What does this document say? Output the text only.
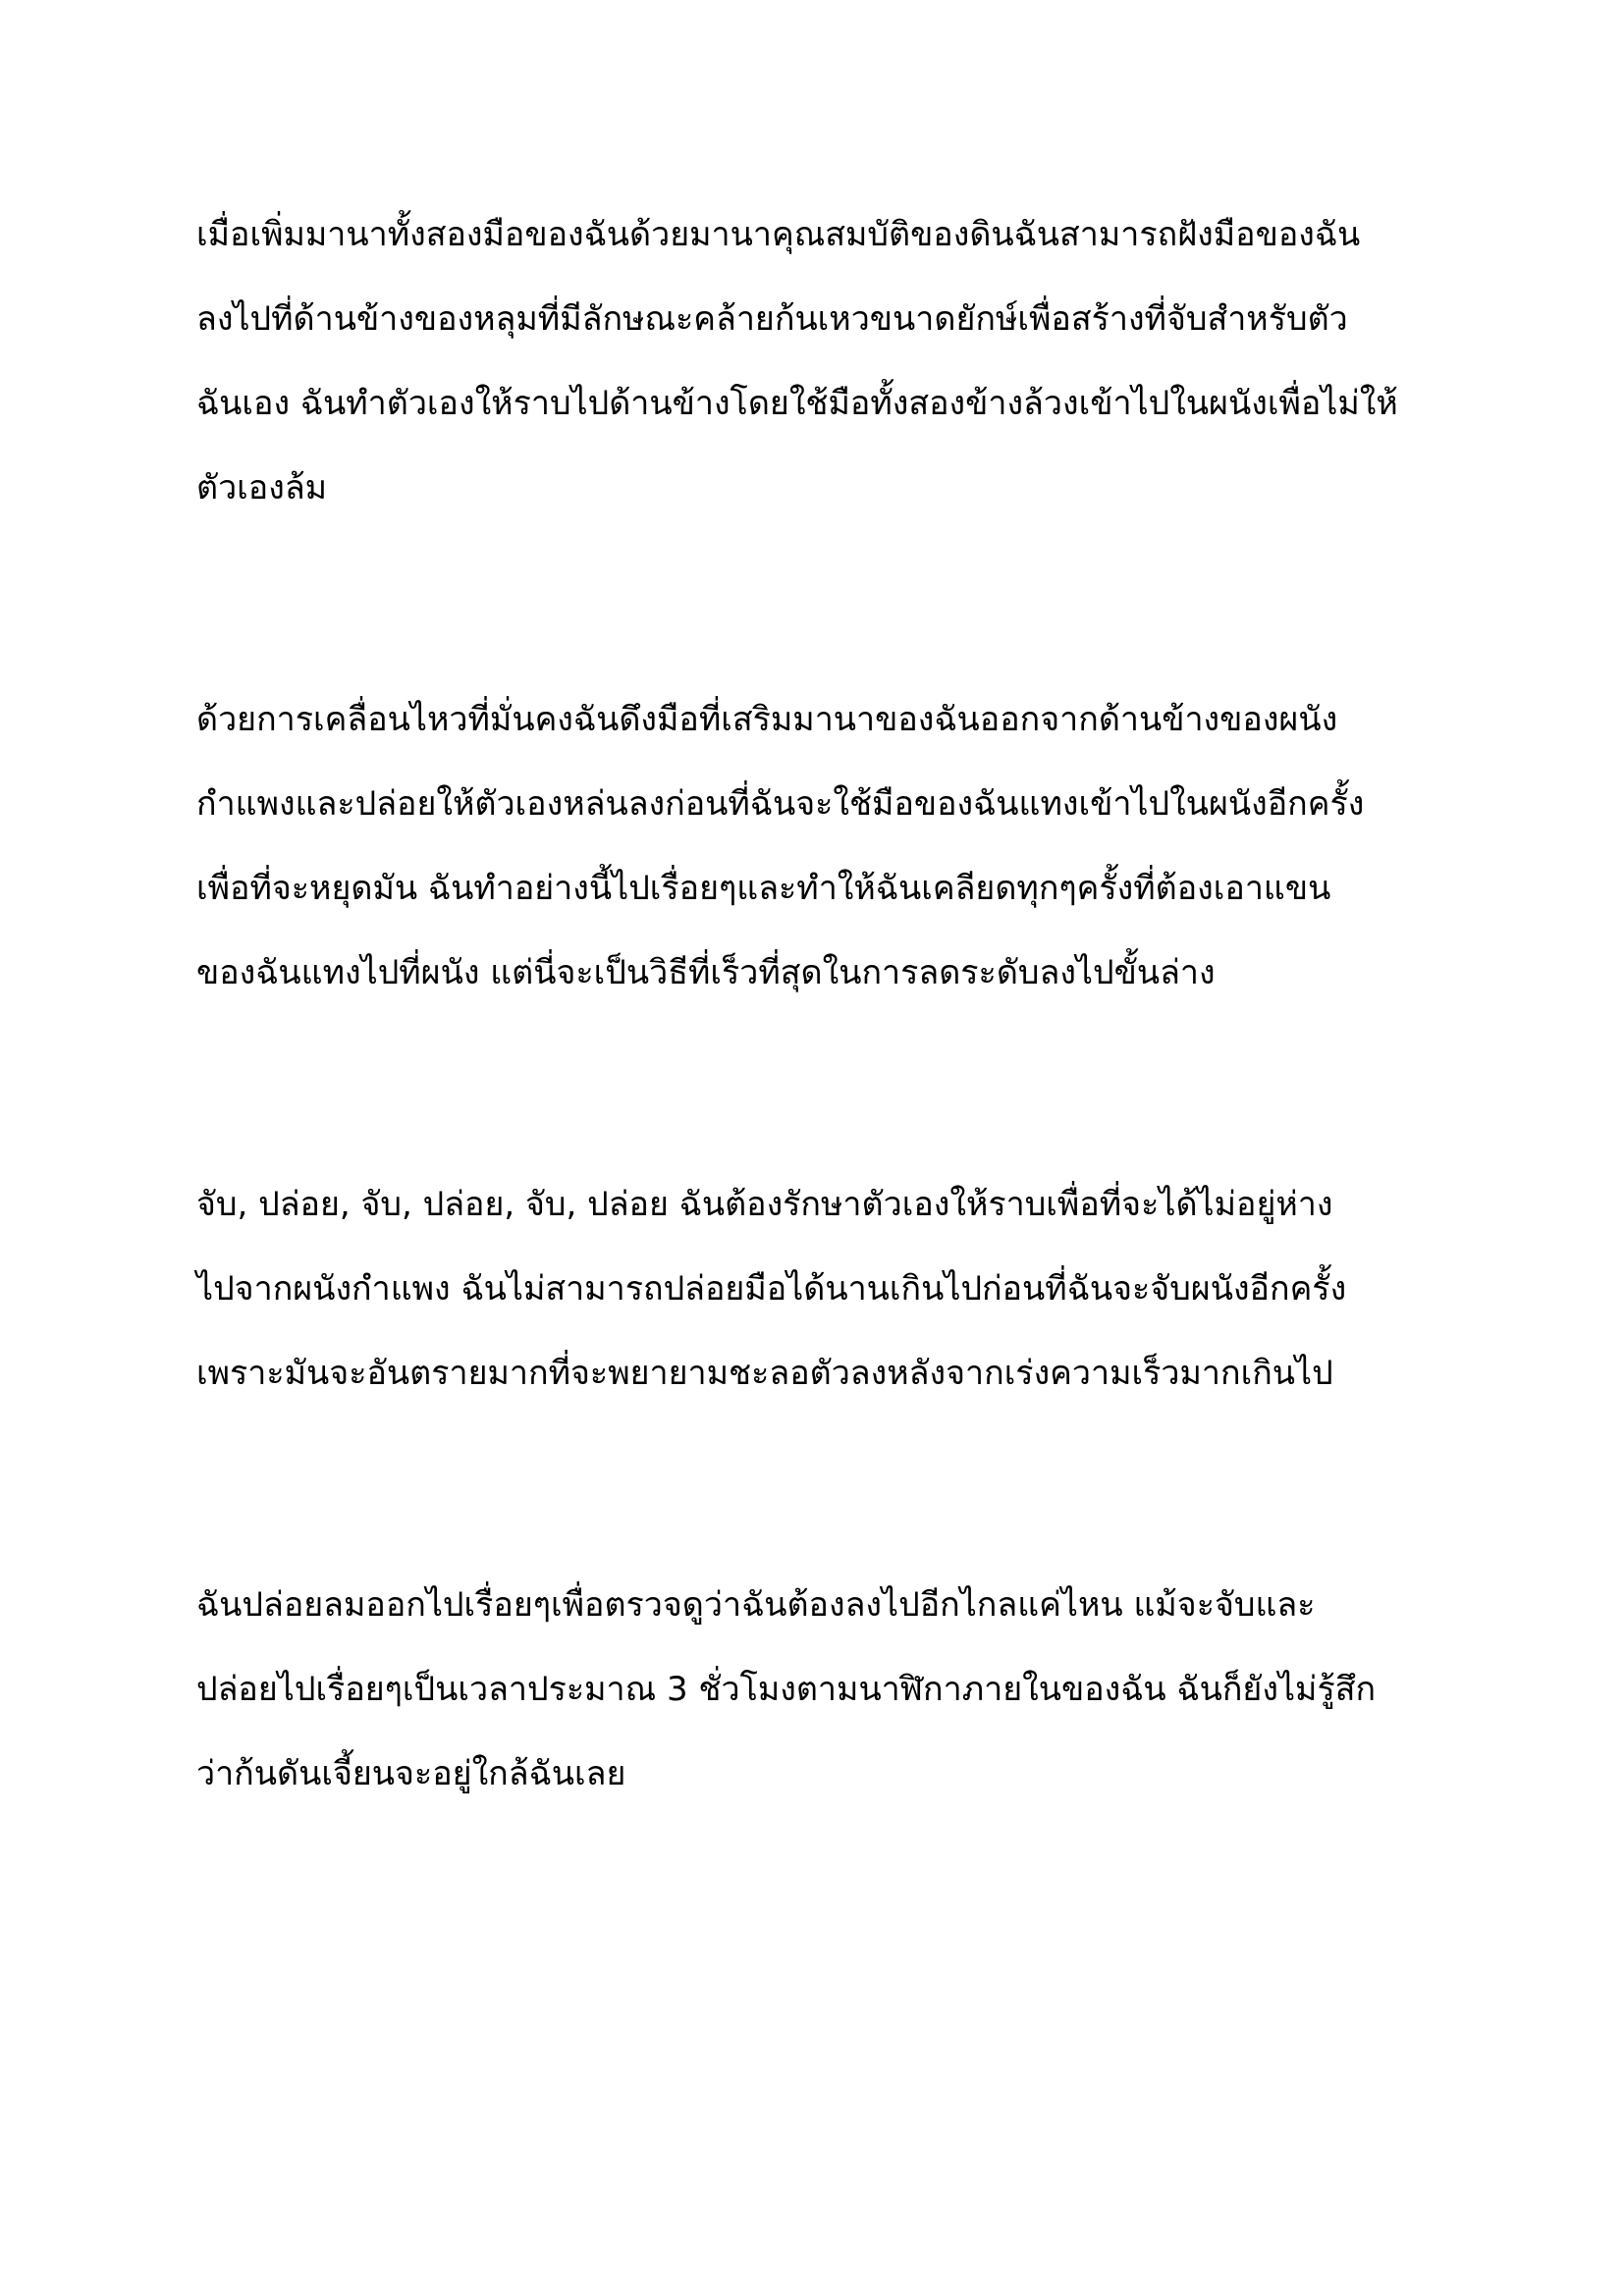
เมื่อเพิ่มมานาทั้งสองมือของฉันด้วยมานาคุณสมบัติของดินฉันสามารถฝังมือของฉัน
ลงไปที่ด้านข้างของหลุมที่มีลักษณะคล้ายก้นเหวขนาดยักษ์เพื่อสร้างที่จับสำหรับตัว
ฉันเอง ฉันทำตัวเองให้ราบไปด้านข้างโดยใช้มือทั้งสองข้างล้วงเข้าไปในผนังเพื่อไม่ให้
ตัวเองล้ม
ด้วยการเคลื่อนไหวที่มั่นคงฉันดึงมือที่เสริมมานาของฉันออกจากด้านข้างของผนัง
กำแพงและปล่อยให้ตัวเองหล่นลงก่อนที่ฉันจะใช้มือของฉันแทงเข้าไปในผนังอีกครั้ง
เพื่อที่จะหยุดมัน ฉันทำอย่างนี้ไปเรื่อยๆและทำให้ฉันเคลียดทุกๆครั้งที่ต้องเอาแขน
ของฉันแทงไปที่ผนัง แต่นี่จะเป็นวิธีที่เร็วที่สุดในการลดระดับลงไปขั้นล่าง
จับ, ปล่อย, จับ, ปล่อย, จับ, ปล่อย ฉันต้องรักษาตัวเองให้ราบเพื่อที่จะได้ไม่อยู่ห่าง
ไปจากผนังกำแพง ฉันไม่สามารถปล่อยมือได้นานเกินไปก่อนที่ฉันจะจับผนังอีกครั้ง
เพราะมันจะอันตรายมากที่จะพยายามชะลอตัวลงหลังจากเร่งความเร็วมากเกินไป
ฉันปล่อยลมออกไปเรื่อยๆเพื่อตรวจดูว่าฉันต้องลงไปอีกไกลแค่ไหน แม้จะจับและ
ปล่อยไปเรื่อยๆเป็นเวลาประมาณ 3 ชั่วโมงตามนาฬิกาภายในของฉัน ฉันก็ยังไม่รู้สึก
ว่าก้นดันเจี้ยนจะอยู่ใกล้ฉันเลย
